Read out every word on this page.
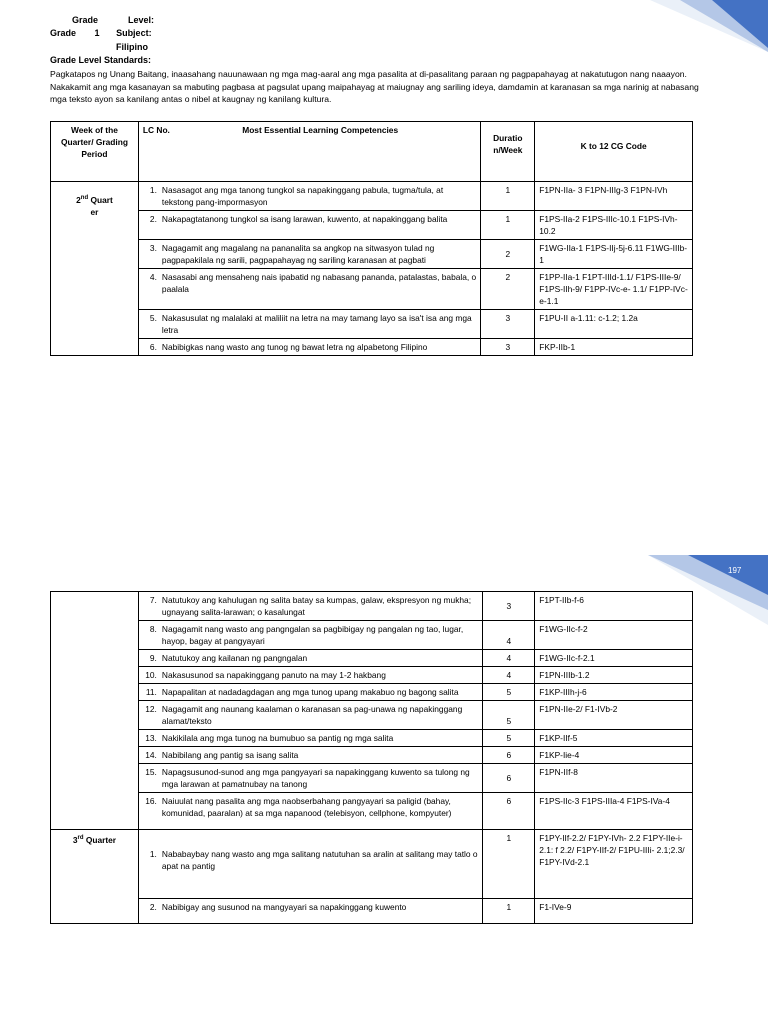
197
Grade	Level:
Grade 1 Subject:
Filipino
Grade Level Standards:
Pagkatapos ng Unang Baitang, inaasahang nauunawaan ng mga mag-aaral ang mga pasalita at di-pasalitang paraan ng pagpapahayag at nakatutugon nang naaayon. Nakakamit ang mga kasanayan sa mabuting pagbasa at pagsulat upang maipahayag at maiugnay ang sariling ideya, damdamin at karanasan sa mga narinig at nabasang mga teksto ayon sa kanilang antas o nibel at kaugnay ng kanilang kultura.
Week of the Quarter/ Grading Period	LC No. Most Essential Learning Competencies	Duratio n/Week	K to 12 CG Code

2nd Quart er	1. Nasasagot ang mga tanong tungkol sa napakinggang pabula, tugma/tula, at tekstong pang-impormasyon	1	F1PN-IIa- 3 F1PN-IIIg-3 F1PN-IVh

	2. Nakapagtatanong tungkol sa isang larawan, kuwento, at napakinggang balita	1	F1PS-IIa-2 F1PS-IIIc-10.1 F1PS-IVh-10.2

	3. Nagagamit ang magalang na pananalita sa angkop na sitwasyon tulad ng pagpapakilala ng sarili, pagpapahayag ng sariling karanasan at pagbati	2	F1WG-IIa-1 F1PS-IIj-5j-6.11 F1WG-IIIb-1

	4. Nasasabi ang mensaheng nais ipabatid ng nabasang pananda, patalastas, babala, o paalala	2	F1PP-IIa-1 F1PT-IIId-1.1/ F1PS-IIIe-9/ F1PS-IIh-9/ F1PP-IVc-e- 1.1/ F1PP-IVc-e-1.1

	5. Nakasusulat ng malalaki at maliliit na letra na may tamang layo sa isa't isa ang mga letra	3	F1PU-II a-1.11: c-1.2; 1.2a

	6. Nabibigkas nang wasto ang tunog ng bawat letra ng alpabetong Filipino	3	FKP-IIb-1

	7. Natutukoy ang kahulugan ng salita batay sa kumpas, galaw, ekspresyon ng mukha; ugnayang salita-larawan; o kasalungat	3	F1PT-IIb-f-6

	8. Nagagamit nang wasto ang pangngalan sa pagbibigay ng pangalan ng tao, lugar, hayop, bagay at pangyayari	4	F1WG-IIc-f-2

	9. Natutukoy ang kailanan ng pangngalan	4	F1WG-IIc-f-2.1

	10. Nakasusunod sa napakinggang panuto na may 1-2 hakbang	4	F1PN-IIIb-1.2

	11. Napapalitan at nadadagdagan ang mga tunog upang makabuo ng bagong salita	5	F1KP-IIIh-j-6

	12. Nagagamit ang naunang kaalaman o karanasan sa pag-unawa ng napakinggang alamat/teksto	5	F1PN-IIe-2/ F1-IVb-2

	13. Nakikilala ang mga tunog na bumubuo sa pantig ng mga salita	5	F1KP-IIf-5

	14. Nabibilang ang pantig sa isang salita	6	F1KP-Iie-4

	15. Napagsusunod-sunod ang mga pangyayari sa napakinggang kuwento sa tulong ng mga larawan at pamatnubay na tanong	6	F1PN-IIf-8

	16. Naiuulat nang pasalita ang mga naobserbahang pangyayari sa paligid (bahay, komunidad, paaralan) at sa mga napanood (telebisyon, cellphone, kompyuter)	6	F1PS-IIc-3 F1PS-IIIa-4 F1PS-IVa-4
3rd Quarter	1. Nababaybay nang wasto ang mga salitang natutuhan sa aralin at salitang may tatlo o apat na pantig	1	F1PY-IIf-2.2/ F1PY-IVh- 2.2 F1PY-IIe-i-2.1: f 2.2/ F1PY-IIf-2/ F1PU-IIIi- 2.1;2.3/ F1PY-IVd-2.1

	2. Nabibigay ang susunod na mangyayari sa napakinggang kuwento	1	F1-IVe-9
